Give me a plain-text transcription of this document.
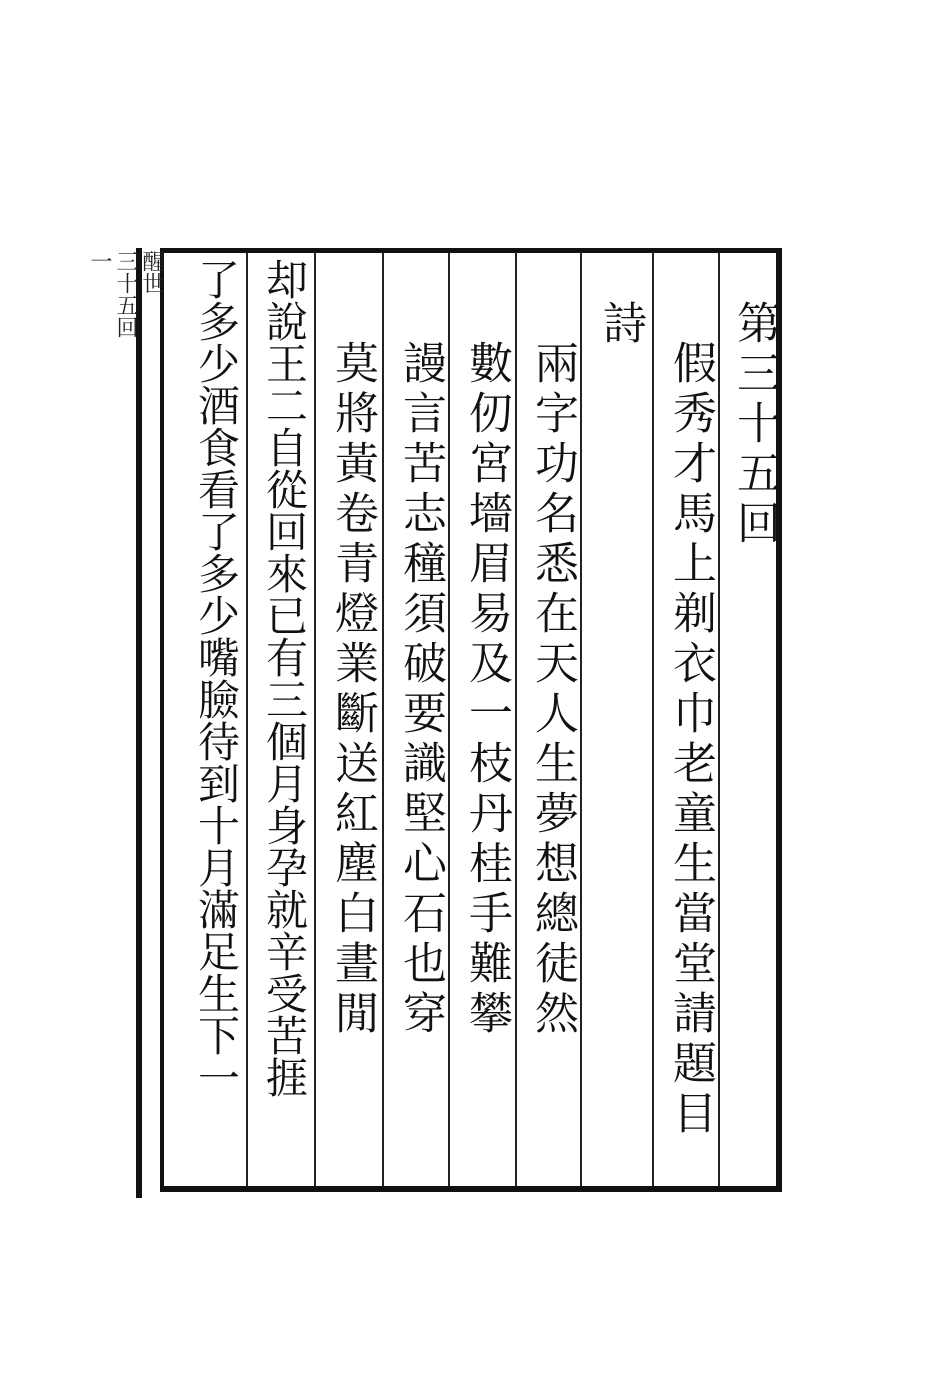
第三十五回
假秀才馬上剃衣巾老童生當堂請題目
詩
兩字功名悉在天人生夢想總徒然
數仞宮墻眉易及一枝丹桂手難攀
謾言苦志穜須破要識堅心石也穿
莫將黃卷青燈業斷送紅塵白晝閒
却說王二自從回來已有三個月身孕就辛受苦捱
了多少酒食看了多少嘴臉待到十月滿足生下一
醒世
三十五回
一
